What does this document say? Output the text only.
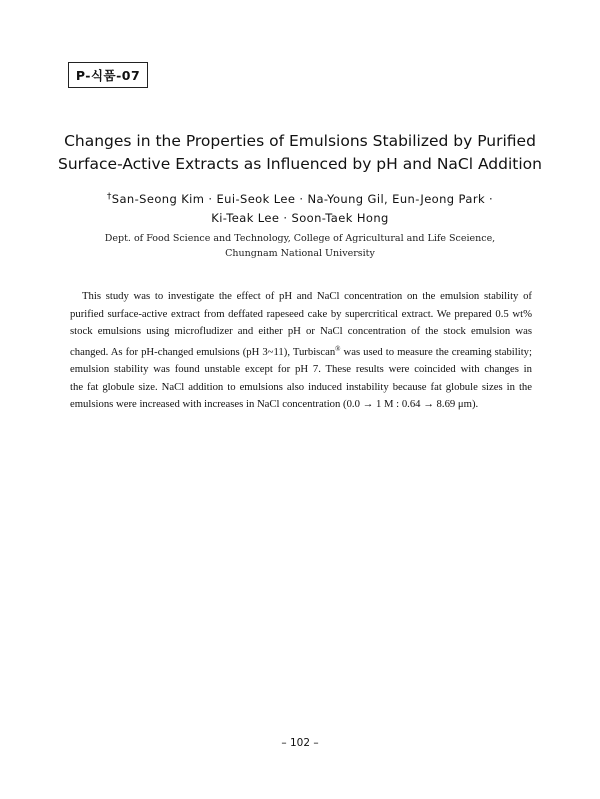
P-식품-07
Changes in the Properties of Emulsions Stabilized by Purified
Surface-Active Extracts as Influenced by pH and NaCl Addition
†San-Seong Kim · Eui-Seok Lee · Na-Young Gil, Eun-Jeong Park ·
Ki-Teak Lee · Soon-Taek Hong
Dept. of Food Science and Technology, College of Agricultural and Life Sceience,
Chungnam National University
This study was to investigate the effect of pH and NaCl concentration on the emulsion stability of
purified surface-active extract from deffated rapeseed cake by supercritical extract. We prepared 0.5 wt%
stock emulsions using microfludizer and either pH or NaCl concentration of the stock emulsion was
changed. As for pH-changed emulsions (pH 3~11), Turbiscan® was used to measure the creaming stability;
emulsion stability was found unstable except for pH 7. These results were coincided with changes in
the fat globule size. NaCl addition to emulsions also induced instability because fat globule sizes in the
emulsions were increased with increases in NaCl concentration (0.0 → 1 M : 0.64 → 8.69 μm).
– 102 –
